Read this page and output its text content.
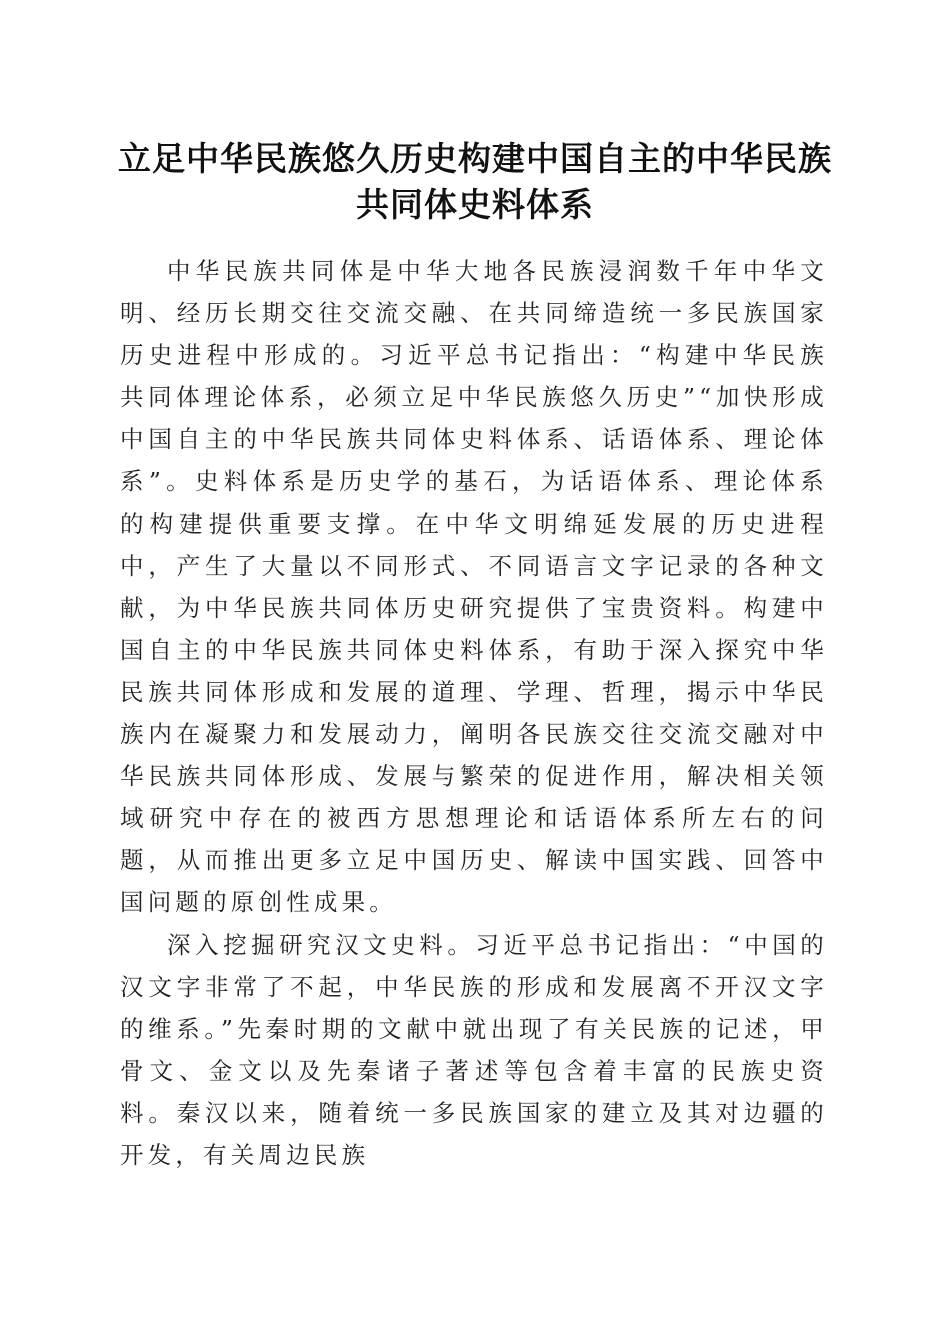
立足中华民族悠久历史构建中国自主的中华民族共同体史料体系

中华民族共同体是中华大地各民族浸润数千年中华文明、经历长期交往交流交融、在共同缔造统一多民族国家历史进程中形成的。习近平总书记指出：“构建中华民族共同体理论体系，必须立足中华民族悠久历史”“加快形成中国自主的中华民族共同体史料体系、话语体系、理论体系”。史料体系是历史学的基石，为话语体系、理论体系的构建提供重要支撑。在中华文明绵延发展的历史进程中，产生了大量以不同形式、不同语言文字记录的各种文献，为中华民族共同体历史研究提供了宝贵资料。构建中国自主的中华民族共同体史料体系，有助于深入探究中华民族共同体形成和发展的道理、学理、哲理，揭示中华民族内在凝聚力和发展动力，阐明各民族交往交流交融对中华民族共同体形成、发展与繁荣的促进作用，解决相关领域研究中存在的被西方思想理论和话语体系所左右的问题，从而推出更多立足中国历史、解读中国实践、回答中国问题的原创性成果。

深入挖掘研究汉文史料。习近平总书记指出：“中国的汉文字非常了不起，中华民族的形成和发展离不开汉文字的维系。”先秦时期的文献中就出现了有关民族的记述，甲骨文、金文以及先秦诸子著述等包含着丰富的民族史资料。秦汉以来，随着统一多民族国家的建立及其对边疆的开发，有关周边民族
